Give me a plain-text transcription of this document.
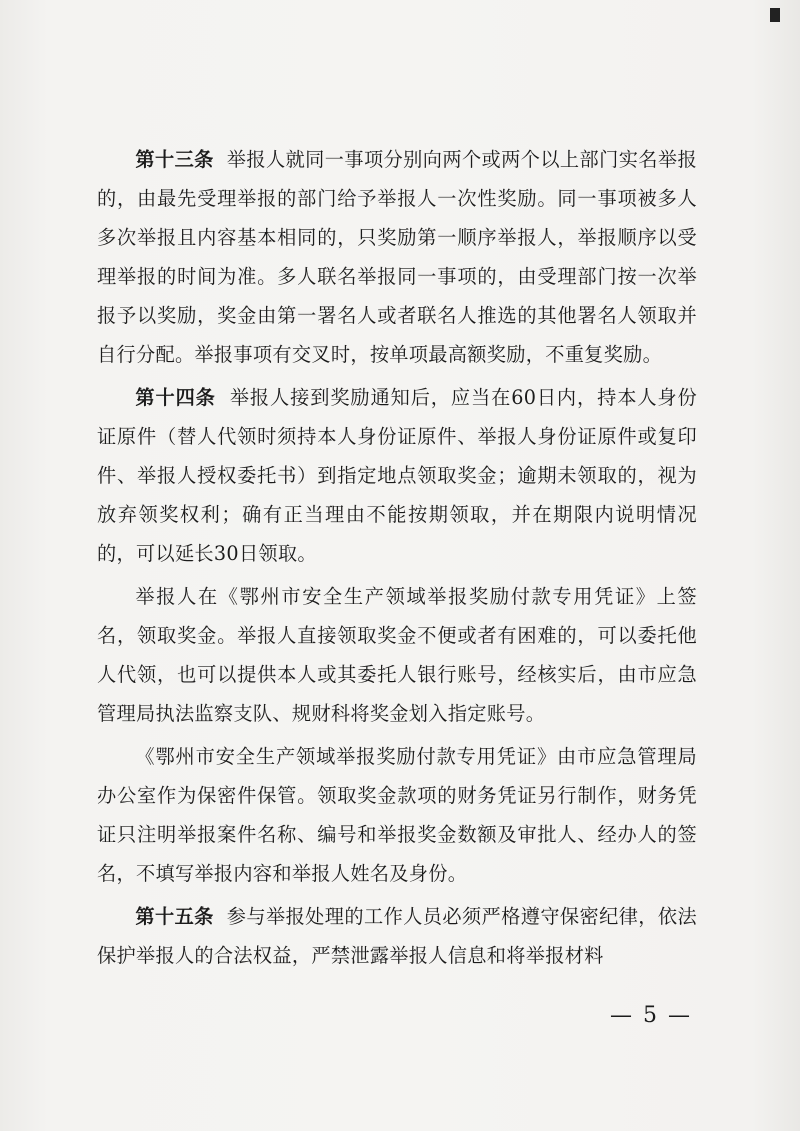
第十三条 举报人就同一事项分别向两个或两个以上部门实名举报的，由最先受理举报的部门给予举报人一次性奖励。同一事项被多人多次举报且内容基本相同的，只奖励第一顺序举报人，举报顺序以受理举报的时间为准。多人联名举报同一事项的，由受理部门按一次举报予以奖励，奖金由第一署名人或者联名人推选的其他署名人领取并自行分配。举报事项有交叉时，按单项最高额奖励，不重复奖励。

第十四条 举报人接到奖励通知后，应当在60日内，持本人身份证原件（替人代领时须持本人身份证原件、举报人身份证原件或复印件、举报人授权委托书）到指定地点领取奖金；逾期未领取的，视为放弃领奖权利；确有正当理由不能按期领取，并在期限内说明情况的，可以延长30日领取。

举报人在《鄂州市安全生产领域举报奖励付款专用凭证》上签名，领取奖金。举报人直接领取奖金不便或者有困难的，可以委托他人代领，也可以提供本人或其委托人银行账号，经核实后，由市应急管理局执法监察支队、规财科将奖金划入指定账号。

《鄂州市安全生产领域举报奖励付款专用凭证》由市应急管理局办公室作为保密件保管。领取奖金款项的财务凭证另行制作，财务凭证只注明举报案件名称、编号和举报奖金数额及审批人、经办人的签名，不填写举报内容和举报人姓名及身份。

第十五条 参与举报处理的工作人员必须严格遵守保密纪律，依法保护举报人的合法权益，严禁泄露举报人信息和将举报材料

— 5 —
